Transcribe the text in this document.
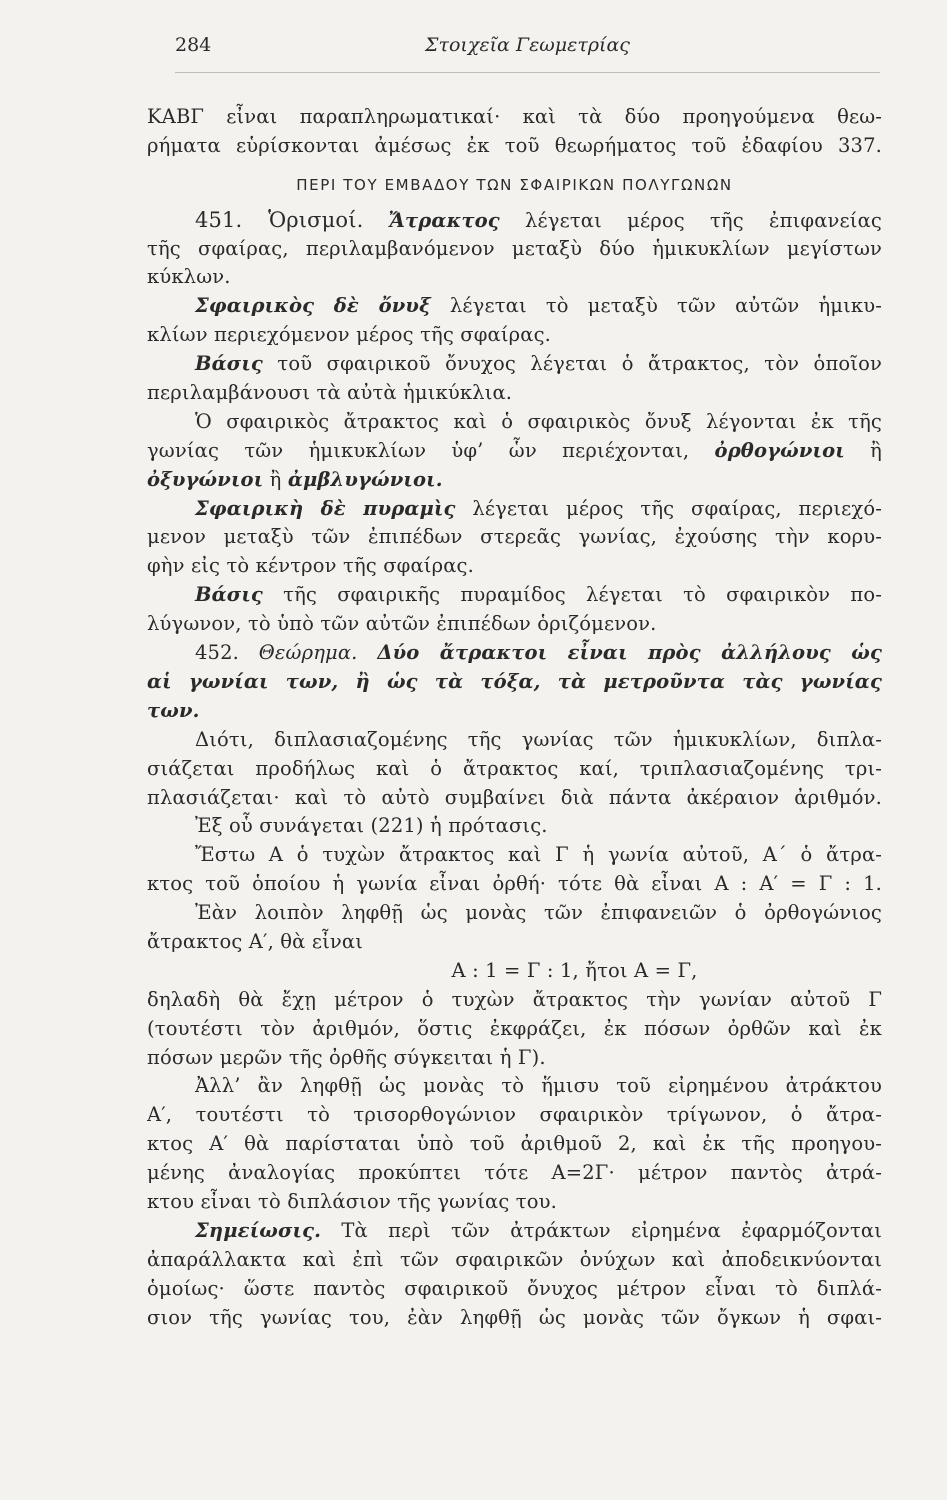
284	Στοιχεῖα Γεωμετρίας
ΚΑΒΓ εἶναι παραπληρωματικαί· καὶ τὰ δύο προηγούμενα θεω-
ρήματα εὑρίσκονται ἀμέσως ἐκ τοῦ θεωρήματος τοῦ ἐδαφίου 337.
ΠΕΡΙ ΤΟΥ ΕΜΒΑΔΟΥ ΤΩΝ ΣΦΑΙΡΙΚΩΝ ΠΟΛΥΓΩΝΩΝ
451. Ὁρισμοί. Ἄτρακτος λέγεται μέρος τῆς ἐπιφανείας
τῆς σφαίρας, περιλαμβανόμενον μεταξὺ δύο ἡμικυκλίων μεγίστων
κύκλων.
Σφαιρικὸς δὲ ὄνυξ λέγεται τὸ μεταξὺ τῶν αὐτῶν ἡμικυ-
κλίων περιεχόμενον μέρος τῆς σφαίρας.
Βάσις τοῦ σφαιρικοῦ ὄνυχος λέγεται ὁ ἄτρακτος, τὸν ὁποῖον
περιλαμβάνουσι τὰ αὐτὰ ἡμικύκλια.
Ὁ σφαιρικὸς ἄτρακτος καὶ ὁ σφαιρικὸς ὄνυξ λέγονται ἐκ τῆς
γωνίας τῶν ἡμικυκλίων ὑφ’ ὧν περιέχονται, ὀρθογώνιοι ἢ
ὀξυγώνιοι ἢ ἀμβλυγώνιοι.
Σφαιρικὴ δὲ πυραμὶς λέγεται μέρος τῆς σφαίρας, περιεχό-
μενον μεταξὺ τῶν ἐπιπέδων στερεᾶς γωνίας, ἐχούσης τὴν κορυ-
φὴν εἰς τὸ κέντρον τῆς σφαίρας.
Βάσις τῆς σφαιρικῆς πυραμίδος λέγεται τὸ σφαιρικὸν πο-
λύγωνον, τὸ ὑπὸ τῶν αὐτῶν ἐπιπέδων ὁριζόμενον.
452. Θεώρημα. Δύο ἄτρακτοι εἶναι πρὸς ἀλλήλους ὡς
αἱ γωνίαι των, ἢ ὡς τὰ τόξα, τὰ μετροῦντα τὰς γωνίας
των.
Διότι, διπλασιαζομένης τῆς γωνίας τῶν ἡμικυκλίων, διπλα-
σιάζεται προδήλως καὶ ὁ ἄτρακτος καί, τριπλασιαζομένης τρι-
πλασιάζεται· καὶ τὸ αὐτὸ συμβαίνει διὰ πάντα ἀκέραιον ἀριθμόν.
Ἐξ οὗ συνάγεται (221) ἡ πρότασις.
Ἔστω Α ὁ τυχὼν ἄτρακτος καὶ Γ ἡ γωνία αὐτοῦ, Α΄ ὁ ἄτρα-
κτος τοῦ ὁποίου ἡ γωνία εἶναι ὀρθή· τότε θὰ εἶναι Α : Α′ = Γ : 1.
Ἐὰν λοιπὸν ληφθῇ ὡς μονὰς τῶν ἐπιφανειῶν ὁ ὀρθογώνιος
ἄτρακτος Α′, θὰ εἶναι
Α : 1 = Γ : 1, ἤτοι Α = Γ,
δηλαδὴ θὰ ἔχῃ μέτρον ὁ τυχὼν ἄτρακτος τὴν γωνίαν αὐτοῦ Γ
(τουτέστι τὸν ἀριθμόν, ὅστις ἐκφράζει, ἐκ πόσων ὀρθῶν καὶ ἐκ
πόσων μερῶν τῆς ὀρθῆς σύγκειται ἡ Γ).
Ἀλλ’ ἂν ληφθῇ ὡς μονὰς τὸ ἥμισυ τοῦ εἰρημένου ἀτράκτου
Α′, τουτέστι τὸ τρισορθογώνιον σφαιρικὸν τρίγωνον, ὁ ἄτρα-
κτος Α′ θὰ παρίσταται ὑπὸ τοῦ ἀριθμοῦ 2, καὶ ἐκ τῆς προηγου-
μένης ἀναλογίας προκύπτει τότε Α=2Γ· μέτρον παντὸς ἀτρά-
κτου εἶναι τὸ διπλάσιον τῆς γωνίας του.
Σημείωσις. Τὰ περὶ τῶν ἀτράκτων εἰρημένα ἐφαρμόζονται
ἀπαράλλακτα καὶ ἐπὶ τῶν σφαιρικῶν ὀνύχων καὶ ἀποδεικνύονται
ὁμοίως· ὥστε παντὸς σφαιρικοῦ ὄνυχος μέτρον εἶναι τὸ διπλά-
σιον τῆς γωνίας του, ἐὰν ληφθῇ ὡς μονὰς τῶν ὄγκων ἡ σφαι-
